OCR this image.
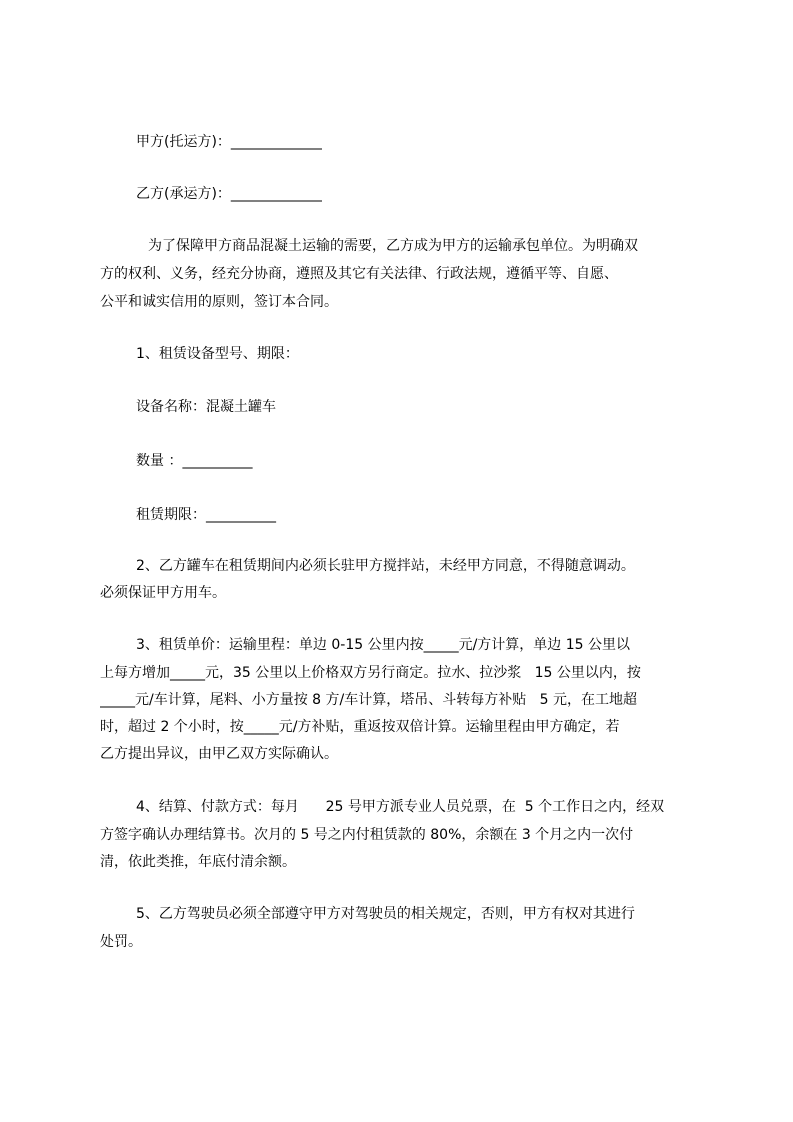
甲方(托运方)：_____________
乙方(承运方)：_____________
为了保障甲方商品混凝土运输的需要，乙方成为甲方的运输承包单位。为明确双
方的权利、义务，经充分协商，遵照及其它有关法律、行政法规，遵循平等、自愿、
公平和诚实信用的原则，签订本合同。
1、租赁设备型号、期限：
设备名称：混凝土罐车
数量 ：__________
租赁期限：__________
2、乙方罐车在租赁期间内必须长驻甲方搅拌站，未经甲方同意，不得随意调动。
必须保证甲方用车。
3、租赁单价：运输里程：单边 0-15 公里内按_____元/方计算，单边 15 公里以
上每方增加_____元，35 公里以上价格双方另行商定。拉水、拉沙浆   15 公里以内，按
_____元/车计算，尾料、小方量按 8 方/车计算，塔吊、斗转每方补贴   5 元，在工地超
时，超过 2 个小时，按_____元/方补贴，重返按双倍计算。运输里程由甲方确定，若
乙方提出异议，由甲乙双方实际确认。
4、结算、付款方式：每月      25 号甲方派专业人员兑票，在  5 个工作日之内，经双
方签字确认办理结算书。次月的 5 号之内付租赁款的 80%，余额在 3 个月之内一次付
清，依此类推，年底付清余额。
5、乙方驾驶员必须全部遵守甲方对驾驶员的相关规定，否则，甲方有权对其进行
处罚。
